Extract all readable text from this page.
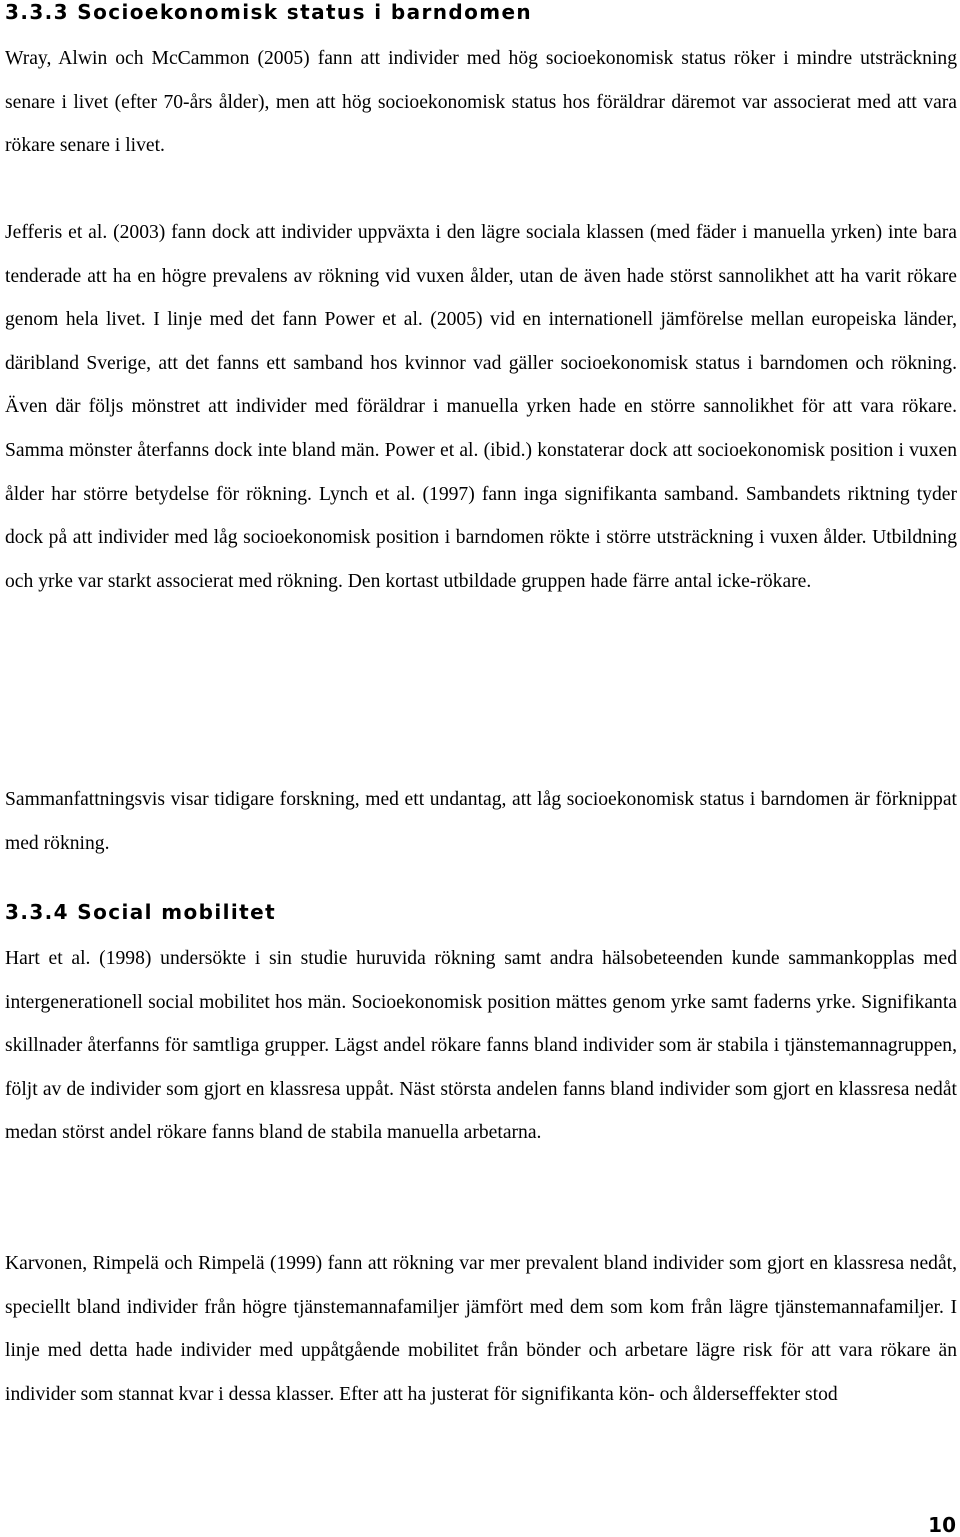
3.3.3 Socioekonomisk status i barndomen

Wray, Alwin och McCammon (2005) fann att individer med hög socioekonomisk status röker i mindre utsträckning senare i livet (efter 70-års ålder), men att hög socioekonomisk status hos föräldrar däremot var associerat med att vara rökare senare i livet.

Jefferis et al. (2003) fann dock att individer uppväxta i den lägre sociala klassen (med fäder i manuella yrken) inte bara tenderade att ha en högre prevalens av rökning vid vuxen ålder, utan de även hade störst sannolikhet att ha varit rökare genom hela livet. I linje med det fann Power et al. (2005) vid en internationell jämförelse mellan europeiska länder, däribland Sverige, att det fanns ett samband hos kvinnor vad gäller socioekonomisk status i barndomen och rökning. Även där följs mönstret att individer med föräldrar i manuella yrken hade en större sannolikhet för att vara rökare. Samma mönster återfanns dock inte bland män. Power et al. (ibid.) konstaterar dock att socioekonomisk position i vuxen ålder har större betydelse för rökning. Lynch et al. (1997) fann inga signifikanta samband. Sambandets riktning tyder dock på att individer med låg socioekonomisk position i barndomen rökte i större utsträckning i vuxen ålder. Utbildning och yrke var starkt associerat med rökning. Den kortast utbildade gruppen hade färre antal icke-rökare.

Sammanfattningsvis visar tidigare forskning, med ett undantag, att låg socioekonomisk status i barndomen är förknippat med rökning.

3.3.4 Social mobilitet

Hart et al. (1998) undersökte i sin studie huruvida rökning samt andra hälsobeteenden kunde sammankopplas med intergenerationell social mobilitet hos män. Socioekonomisk position mättes genom yrke samt faderns yrke. Signifikanta skillnader återfanns för samtliga grupper. Lägst andel rökare fanns bland individer som är stabila i tjänstemannagruppen, följt av de individer som gjort en klassresa uppåt. Näst största andelen fanns bland individer som gjort en klassresa nedåt medan störst andel rökare fanns bland de stabila manuella arbetarna.

Karvonen, Rimpelä och Rimpelä (1999) fann att rökning var mer prevalent bland individer som gjort en klassresa nedåt, speciellt bland individer från högre tjänstemannafamiljer jämfört med dem som kom från lägre tjänstemannafamiljer. I linje med detta hade individer med uppåtgående mobilitet från bönder och arbetare lägre risk för att vara rökare än individer som stannat kvar i dessa klasser. Efter att ha justerat för signifikanta kön- och ålderseffekter stod

10
